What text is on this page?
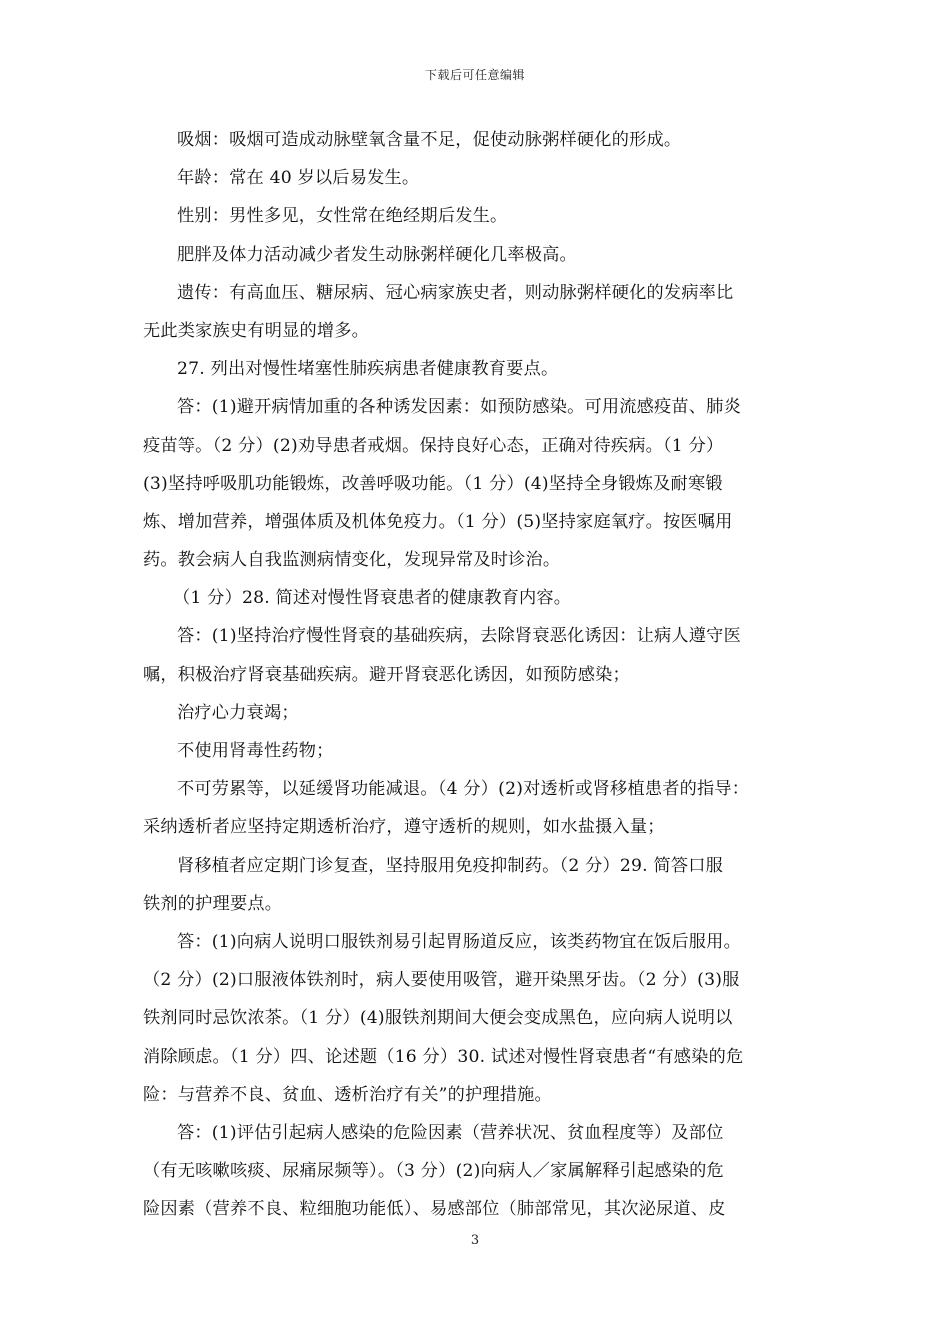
下载后可任意编辑
吸烟：吸烟可造成动脉壁氧含量不足，促使动脉粥样硬化的形成。
年龄：常在 40 岁以后易发生。
性别：男性多见，女性常在绝经期后发生。
肥胖及体力活动减少者发生动脉粥样硬化几率极高。
遗传：有高血压、糖尿病、冠心病家族史者，则动脉粥样硬化的发病率比
无此类家族史有明显的增多。
27. 列出对慢性堵塞性肺疾病患者健康教育要点。
答：(1)避开病情加重的各种诱发因素：如预防感染。可用流感疫苗、肺炎
疫苗等。（2 分）(2)劝导患者戒烟。保持良好心态，正确对待疾病。（1 分）
(3)坚持呼吸肌功能锻炼，改善呼吸功能。（1 分）(4)坚持全身锻炼及耐寒锻
炼、增加营养，增强体质及机体免疫力。（1 分）(5)坚持家庭氧疗。按医嘱用
药。教会病人自我监测病情变化，发现异常及时诊治。
（1 分）28. 简述对慢性肾衰患者的健康教育内容。
答：(1)坚持治疗慢性肾衰的基础疾病，去除肾衰恶化诱因：让病人遵守医
嘱，积极治疗肾衰基础疾病。避开肾衰恶化诱因，如预防感染；
治疗心力衰竭；
不使用肾毒性药物；
不可劳累等，以延缓肾功能减退。（4 分）(2)对透析或肾移植患者的指导：
采纳透析者应坚持定期透析治疗，遵守透析的规则，如水盐摄入量；
肾移植者应定期门诊复查，坚持服用免疫抑制药。（2 分）29. 简答口服
铁剂的护理要点。
答：(1)向病人说明口服铁剂易引起胃肠道反应，该类药物宜在饭后服用。
（2 分）(2)口服液体铁剂时，病人要使用吸管，避开染黑牙齿。（2 分）(3)服
铁剂同时忌饮浓茶。（1 分）(4)服铁剂期间大便会变成黑色，应向病人说明以
消除顾虑。（1 分）四、论述题（16 分）30. 试述对慢性肾衰患者“有感染的危
险：与营养不良、贫血、透析治疗有关”的护理措施。
答：(1)评估引起病人感染的危险因素（营养状况、贫血程度等）及部位
（有无咳嗽咳痰、尿痛尿频等）。（3 分）(2)向病人／家属解释引起感染的危
险因素（营养不良、粒细胞功能低）、易感部位（肺部常见，其次泌尿道、皮
3
